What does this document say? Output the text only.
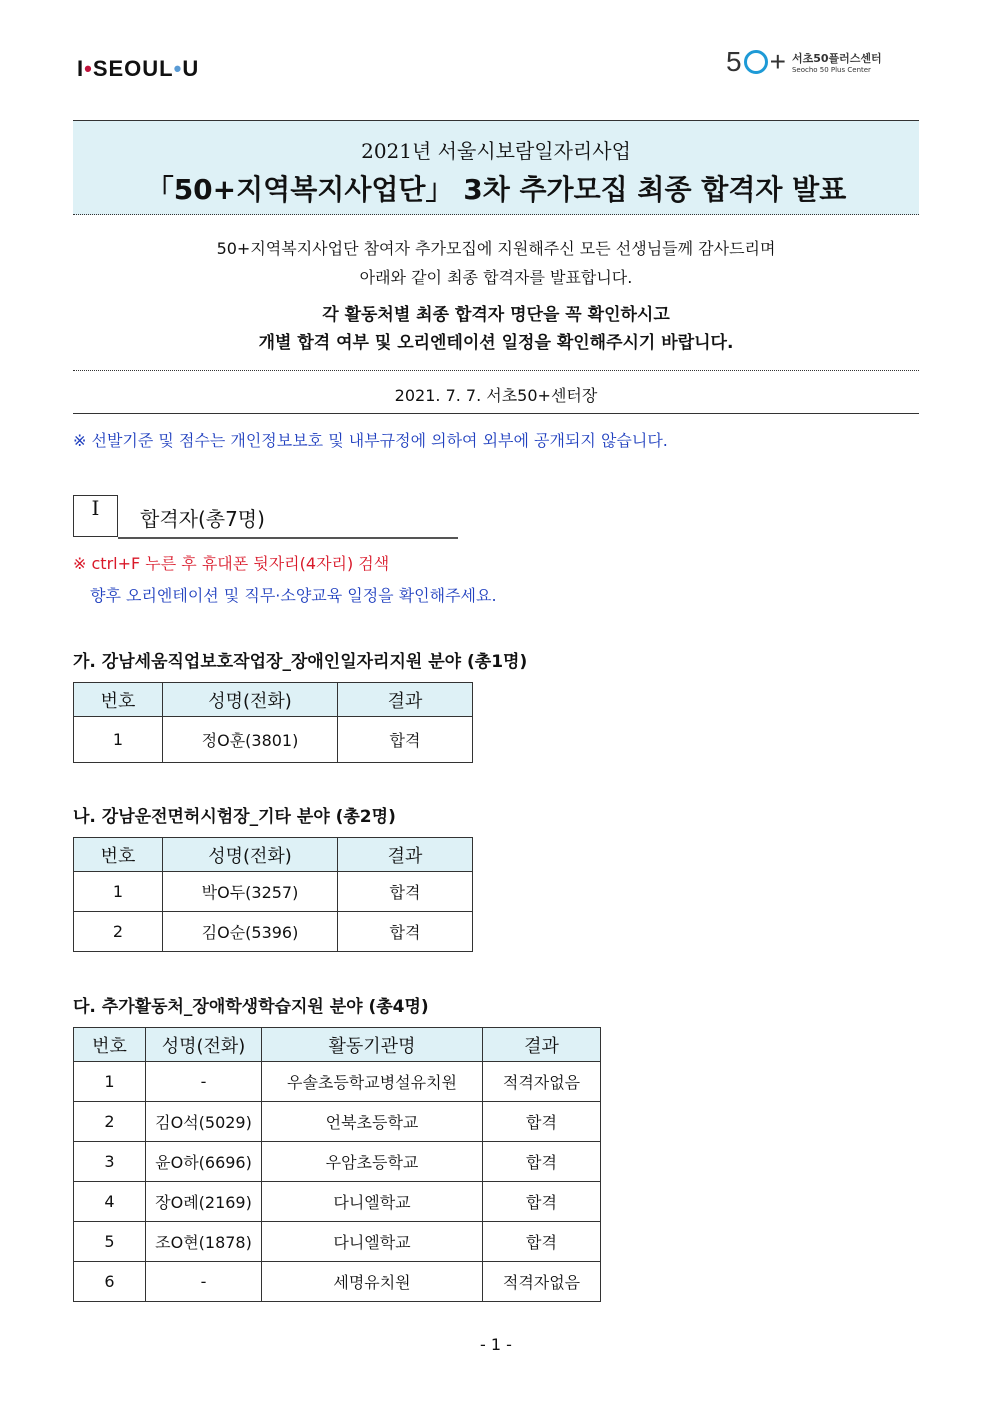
I•SEOUL•U	5 + 서초50플러스센터
Seocho 50 Plus Center
2021년 서울시보람일자리사업
「50+지역복지사업단」 3차 추가모집 최종 합격자 발표
50+지역복지사업단 참여자 추가모집에 지원해주신 모든 선생님들께 감사드리며
아래와 같이 최종 합격자를 발표합니다.
각 활동처별 최종 합격자 명단을 꼭 확인하시고
개별 합격 여부 및 오리엔테이션 일정을 확인해주시기 바랍니다.
2021. 7. 7. 서초50+센터장
※ 선발기준 및 점수는 개인정보보호 및 내부규정에 의하여 외부에 공개되지 않습니다.
I	합격자(총7명)
※ ctrl+F 누른 후 휴대폰 뒷자리(4자리) 검색
향후 오리엔테이션 및 직무·소양교육 일정을 확인해주세요.
가. 강남세움직업보호작업장_장애인일자리지원 분야 (총1명)
번호	성명(전화)	결과
1	정O훈(3801)	합격
나. 강남운전면허시험장_기타 분야 (총2명)
번호	성명(전화)	결과
1	박O두(3257)	합격
2	김O순(5396)	합격
다. 추가활동처_장애학생학습지원 분야 (총4명)
번호	성명(전화)	활동기관명	결과
1	-	우솔초등학교병설유치원	적격자없음
2	김O석(5029)	언북초등학교	합격
3	윤O하(6696)	우암초등학교	합격
4	장O례(2169)	다니엘학교	합격
5	조O현(1878)	다니엘학교	합격
6	-	세명유치원	적격자없음
- 1 -
